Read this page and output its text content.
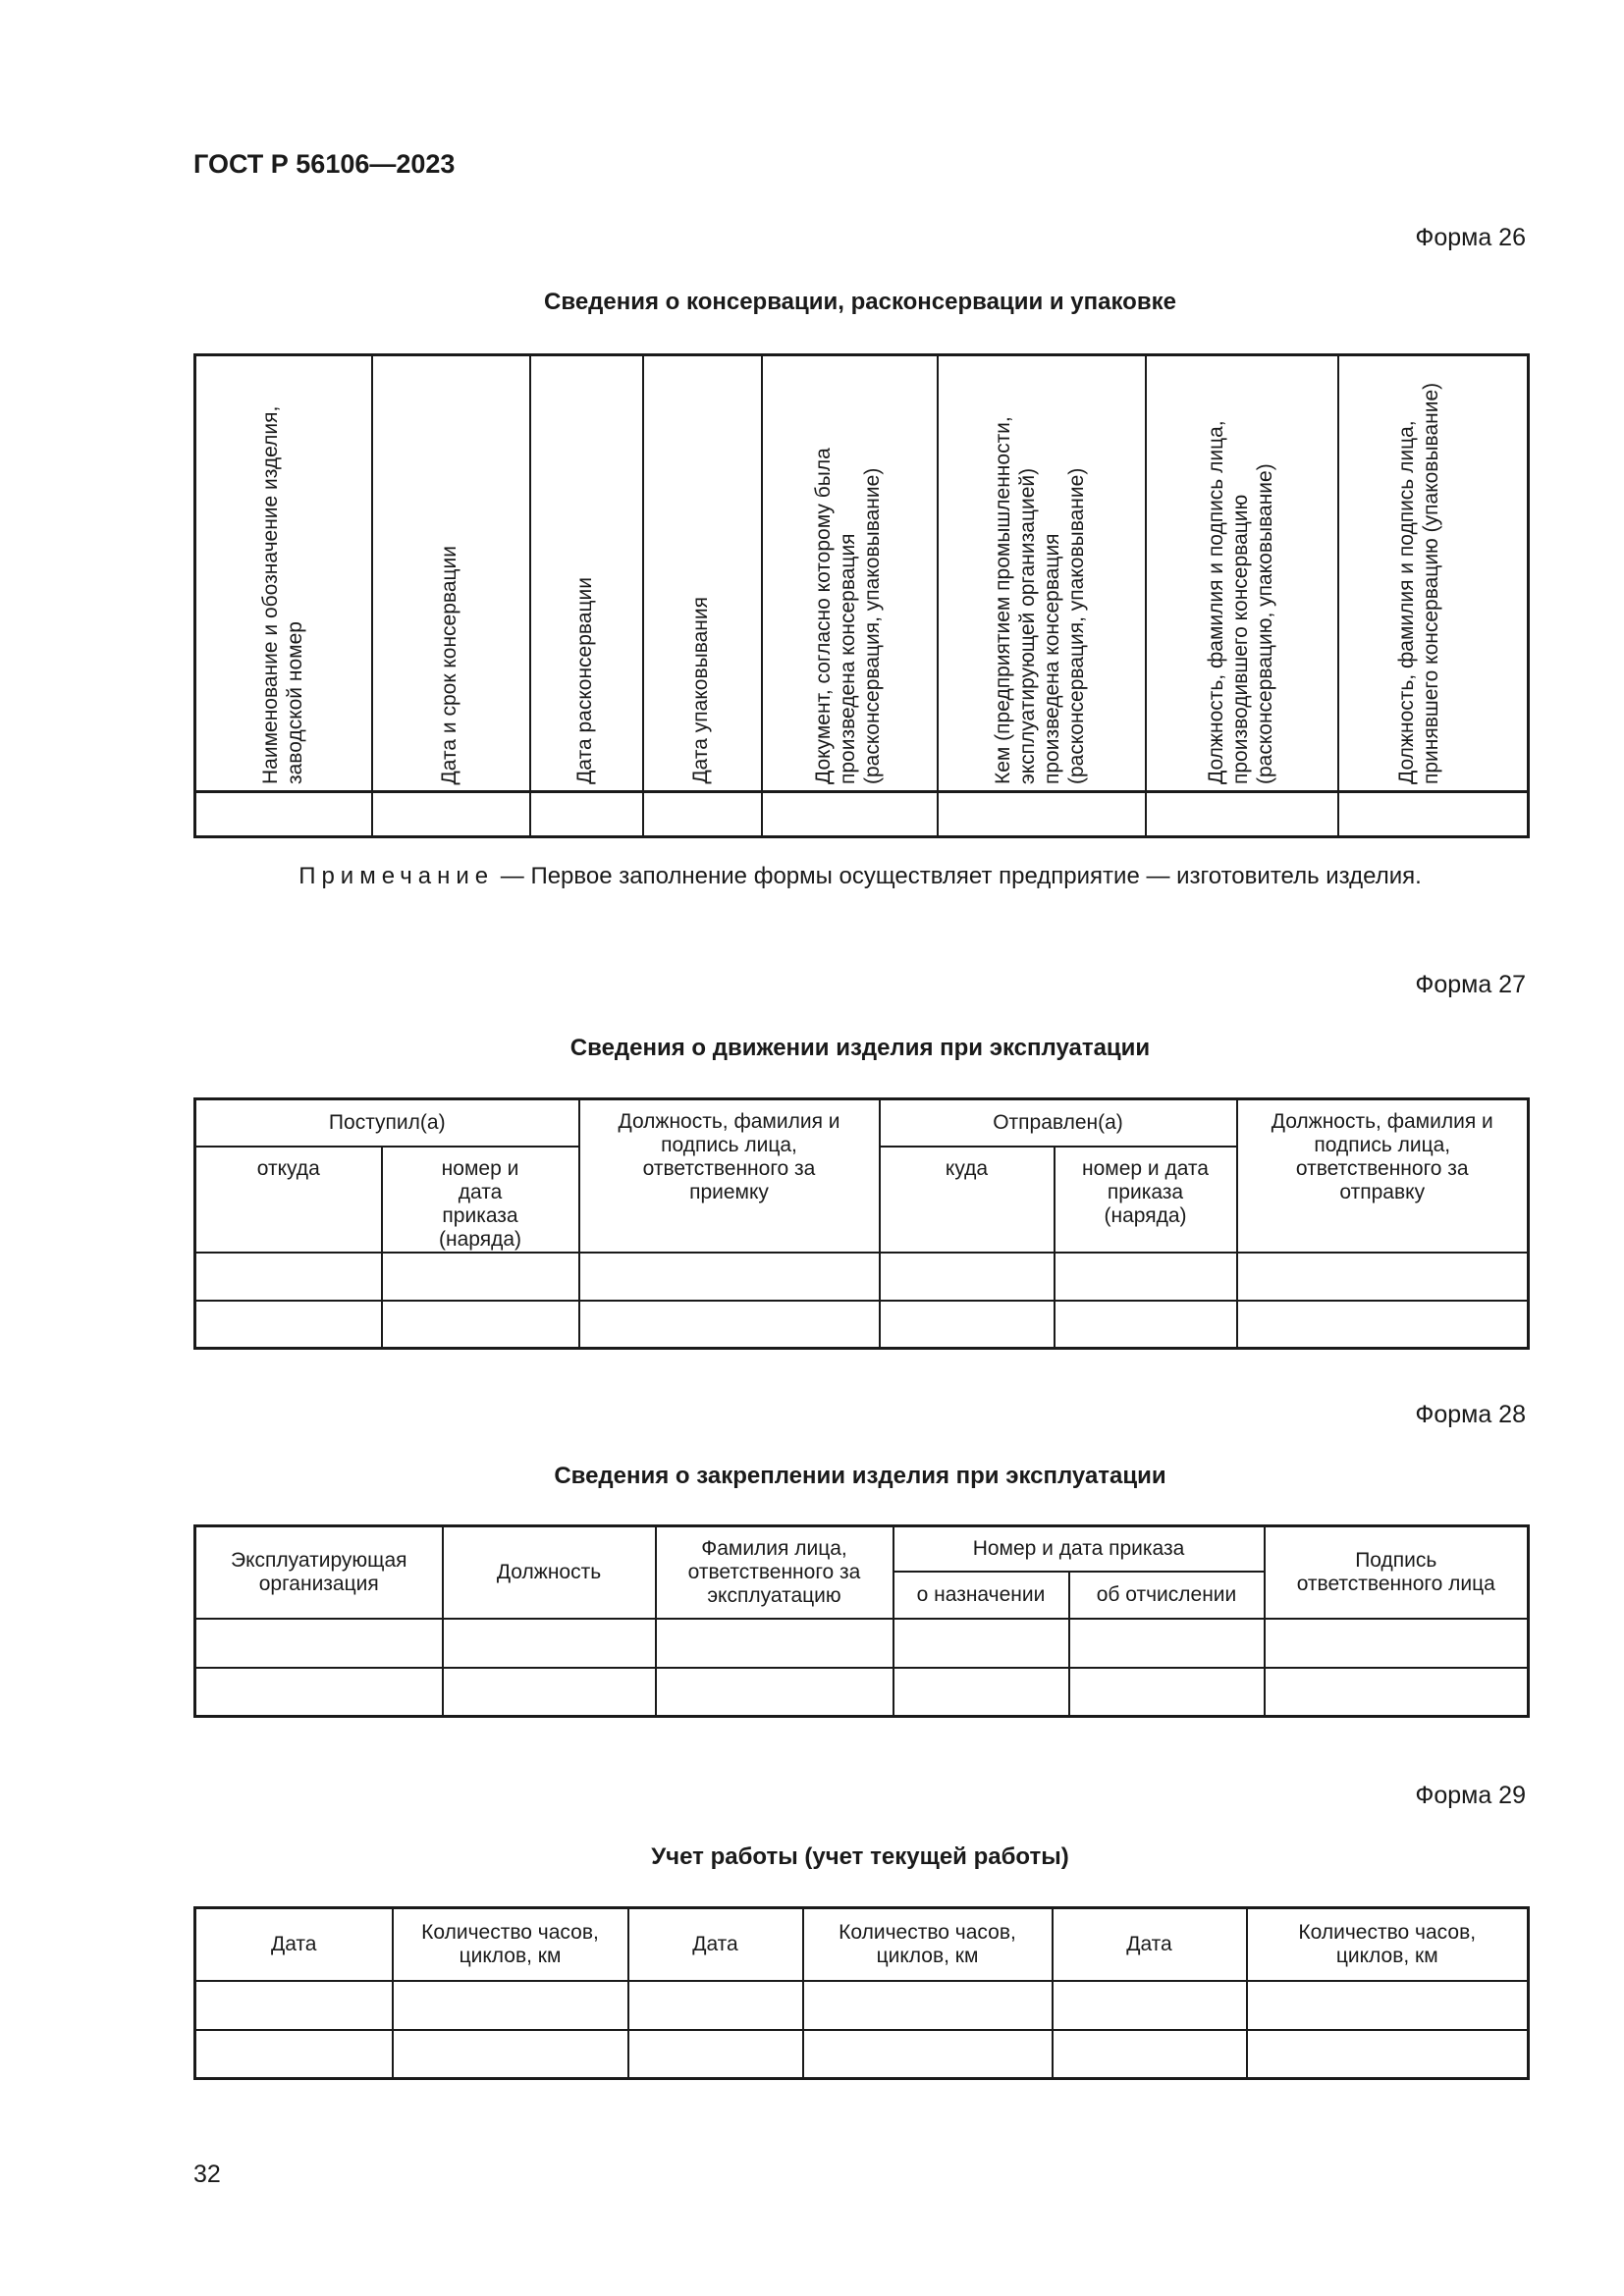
ГОСТ Р 56106—2023
Форма 26
Сведения о консервации, расконсервации и упаковке
Наименование и обозначение изделия, заводской номер	Дата и срок консервации	Дата расконсервации	Дата упаковывания	Документ, согласно которому была произведена консервация (расконсервация, упаковывание)	Кем (предприятием промышленности, эксплуатирующей организацией) произведена консервация (расконсервация, упаковывание)	Должность, фамилия и подпись лица, производившего консервацию (расконсервацию, упаковывание)	Должность, фамилия и подпись лица, принявшего консервацию (упаковывание)

Примечание — Первое заполнение формы осуществляет предприятие — изготовитель изделия.
Форма 27
Сведения о движении изделия при эксплуатации
Поступил(а)		Должность, фамилия и подпись лица, ответственного за приемку	Отправлен(а)		Должность, фамилия и подпись лица, ответственного за отправку
откуда	номер и дата приказа (наряда)		куда	номер и дата приказа (наряда)	

Форма 28
Сведения о закреплении изделия при эксплуатации
Эксплуатирующая организация	Должность	Фамилия лица, ответственного за эксплуатацию	Номер и дата приказа		Подпись ответственного лица
			о назначении	об отчислении	

Форма 29
Учет работы (учет текущей работы)
Дата	Количество часов, циклов, км	Дата	Количество часов, циклов, км	Дата	Количество часов, циклов, км

32
